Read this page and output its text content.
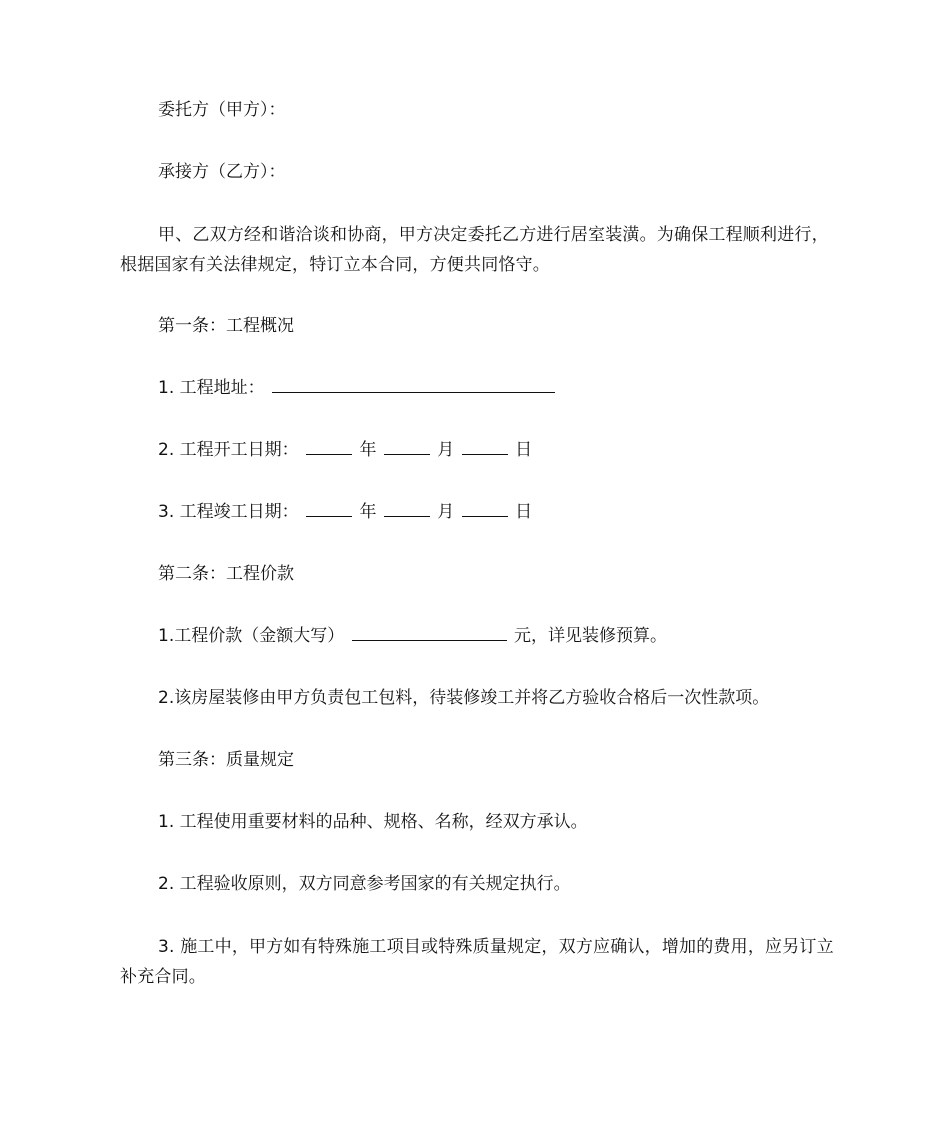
委托方（甲方）：
承接方（乙方）：
甲、乙双方经和谐洽谈和协商，甲方决定委托乙方进行居室装潢。为确保工程顺利进行，根据国家有关法律规定，特订立本合同，方便共同恪守。
第一条：工程概况
1. 工程地址：
2. 工程开工日期：	年	月	日
3. 工程竣工日期：	年	月	日
第二条：工程价款
1.工程价款（金额大写）	元，详见装修预算。
2.该房屋装修由甲方负责包工包料，待装修竣工并将乙方验收合格后一次性款项。
第三条：质量规定
1. 工程使用重要材料的品种、规格、名称，经双方承认。
2. 工程验收原则，双方同意参考国家的有关规定执行。
3. 施工中，甲方如有特殊施工项目或特殊质量规定，双方应确认，增加的费用，应另订立补充合同。
